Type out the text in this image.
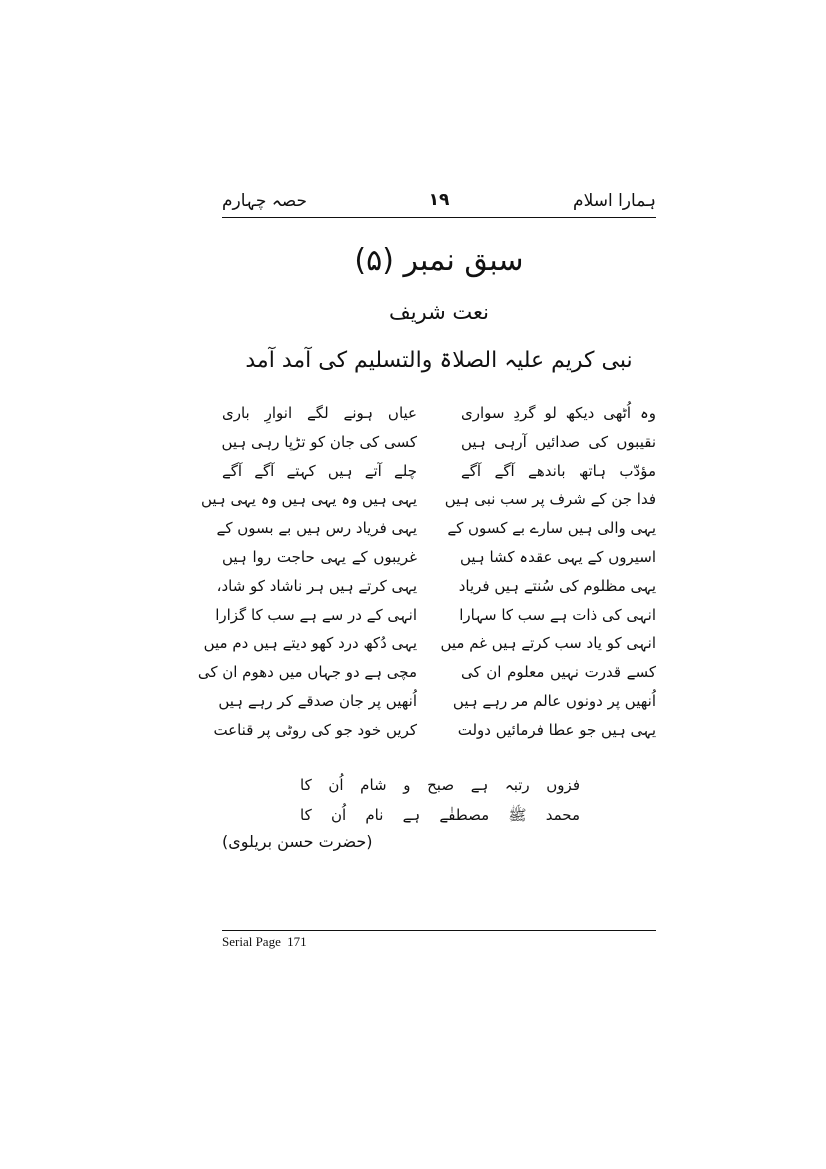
ہمارا اسلام
۱۹
حصہ چہارم
سبق نمبر (۵)
نعت شریف
نبی کریم علیہ الصلاۃ والتسلیم کی آمد آمد
وہ اُٹھی دیکھ لو گردِ سواری
عیاں ہونے لگے انوارِ باری
نقیبوں کی صدائیں آرہی ہیں
کسی کی جان کو تڑپا رہی ہیں
مؤدّب ہاتھ باندھے آگے آگے
چلے آتے ہیں کہتے آگے آگے
فدا جن کے شرف پر سب نبی ہیں
یہی ہیں وہ یہی ہیں وہ یہی ہیں
یہی والی ہیں سارے بے کسوں کے
یہی فریاد رس ہیں بے بسوں کے
اسیروں کے یہی عقدہ کشا ہیں
غریبوں کے یہی حاجت روا ہیں
یہی مظلوم کی سُنتے ہیں فریاد
یہی کرتے ہیں ہر ناشاد کو شاد،
انہی کی ذات ہے سب کا سہارا
انہی کے در سے ہے سب کا گزارا
انہی کو یاد سب کرتے ہیں غم میں
یہی دُکھ درد کھو دیتے ہیں دم میں
کسے قدرت نہیں معلوم ان کی
مچی ہے دو جہاں میں دھوم ان کی
اُنھیں پر دونوں عالم مر رہے ہیں
اُنھیں پر جان صدقے کر رہے ہیں
یہی ہیں جو عطا فرمائیں دولت
کریں خود جو کی روٹی پر قناعت
فزوں رتبہ ہے صبح و شام اُن کا
محمد ﷺ مصطفٰے ہے نام اُن کا
(حضرت حسن بریلوی)
Serial Page 171
